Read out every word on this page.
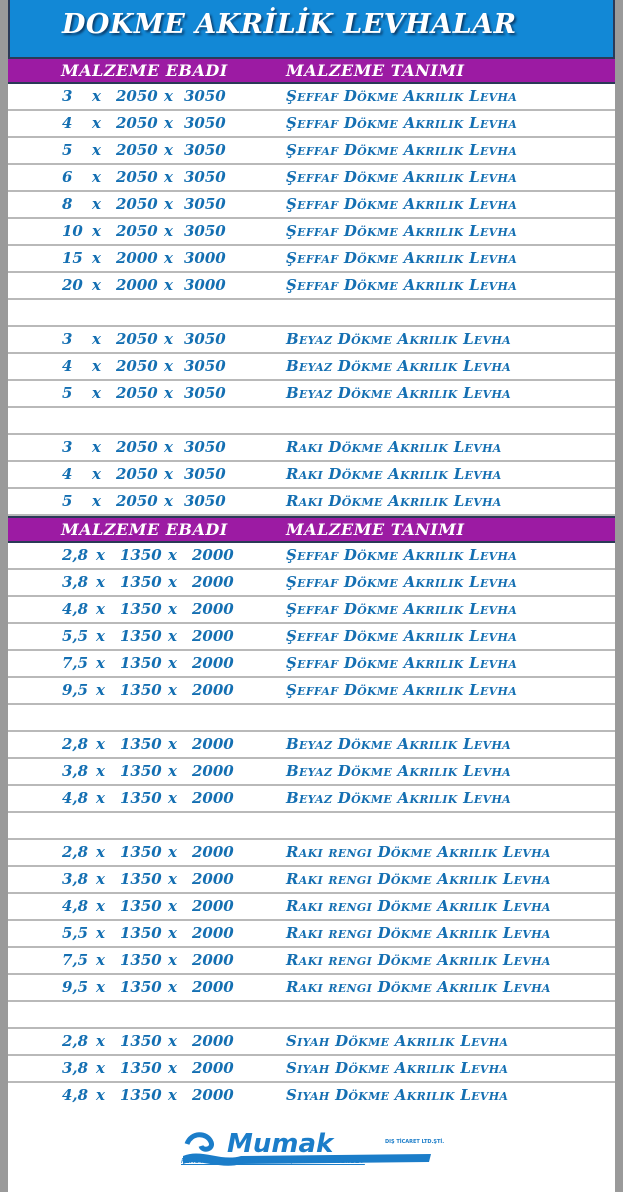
DOKME AKRİLİK LEVHALAR
MALZEME EBADI	MALZEME TANIMI
3 x 2050 x 3050	Şeffaf Dökme Akrılık Levha
4 x 2050 x 3050	Şeffaf Dökme Akrılık Levha
5 x 2050 x 3050	Şeffaf Dökme Akrılık Levha
6 x 2050 x 3050	Şeffaf Dökme Akrılık Levha
8 x 2050 x 3050	Şeffaf Dökme Akrılık Levha
10 x 2050 x 3050	Şeffaf Dökme Akrılık Levha
15 x 2000 x 3000	Şeffaf Dökme Akrılık Levha
20 x 2000 x 3000	Şeffaf Dökme Akrılık Levha
3 x 2050 x 3050	Beyaz Dökme Akrılık Levha
4 x 2050 x 3050	Beyaz Dökme Akrılık Levha
5 x 2050 x 3050	Beyaz Dökme Akrılık Levha
3 x 2050 x 3050	Rakı Dökme Akrılık Levha
4 x 2050 x 3050	Rakı Dökme Akrılık Levha
5 x 2050 x 3050	Rakı Dökme Akrılık Levha
MALZEME EBADI	MALZEME TANIMI
2,8 x 1350 x 2000	Şeffaf Dökme Akrılık Levha
3,8 x 1350 x 2000	Şeffaf Dökme Akrılık Levha
4,8 x 1350 x 2000	Şeffaf Dökme Akrılık Levha
5,5 x 1350 x 2000	Şeffaf Dökme Akrılık Levha
7,5 x 1350 x 2000	Şeffaf Dökme Akrılık Levha
9,5 x 1350 x 2000	Şeffaf Dökme Akrılık Levha
2,8 x 1350 x 2000	Beyaz Dökme Akrılık Levha
3,8 x 1350 x 2000	Beyaz Dökme Akrılık Levha
4,8 x 1350 x 2000	Beyaz Dökme Akrılık Levha
2,8 x 1350 x 2000	Rakı rengi Dökme Akrılık Levha
3,8 x 1350 x 2000	Rakı rengi Dökme Akrılık Levha
4,8 x 1350 x 2000	Rakı rengi Dökme Akrılık Levha
5,5 x 1350 x 2000	Rakı rengi Dökme Akrılık Levha
7,5 x 1350 x 2000	Rakı rengi Dökme Akrılık Levha
9,5 x 1350 x 2000	Rakı rengi Dökme Akrılık Levha
2,8 x 1350 x 2000	Sıyah Dökme Akrılık Levha
3,8 x 1350 x 2000	Sıyah Dökme Akrılık Levha
4,8 x 1350 x 2000	Sıyah Dökme Akrılık Levha
Mumak	DIŞ TİCARET LTD.ŞTİ.
PLASTİK LEVHADAKİ YENİ ÇÖZÜM ORTAĞINIZ.
